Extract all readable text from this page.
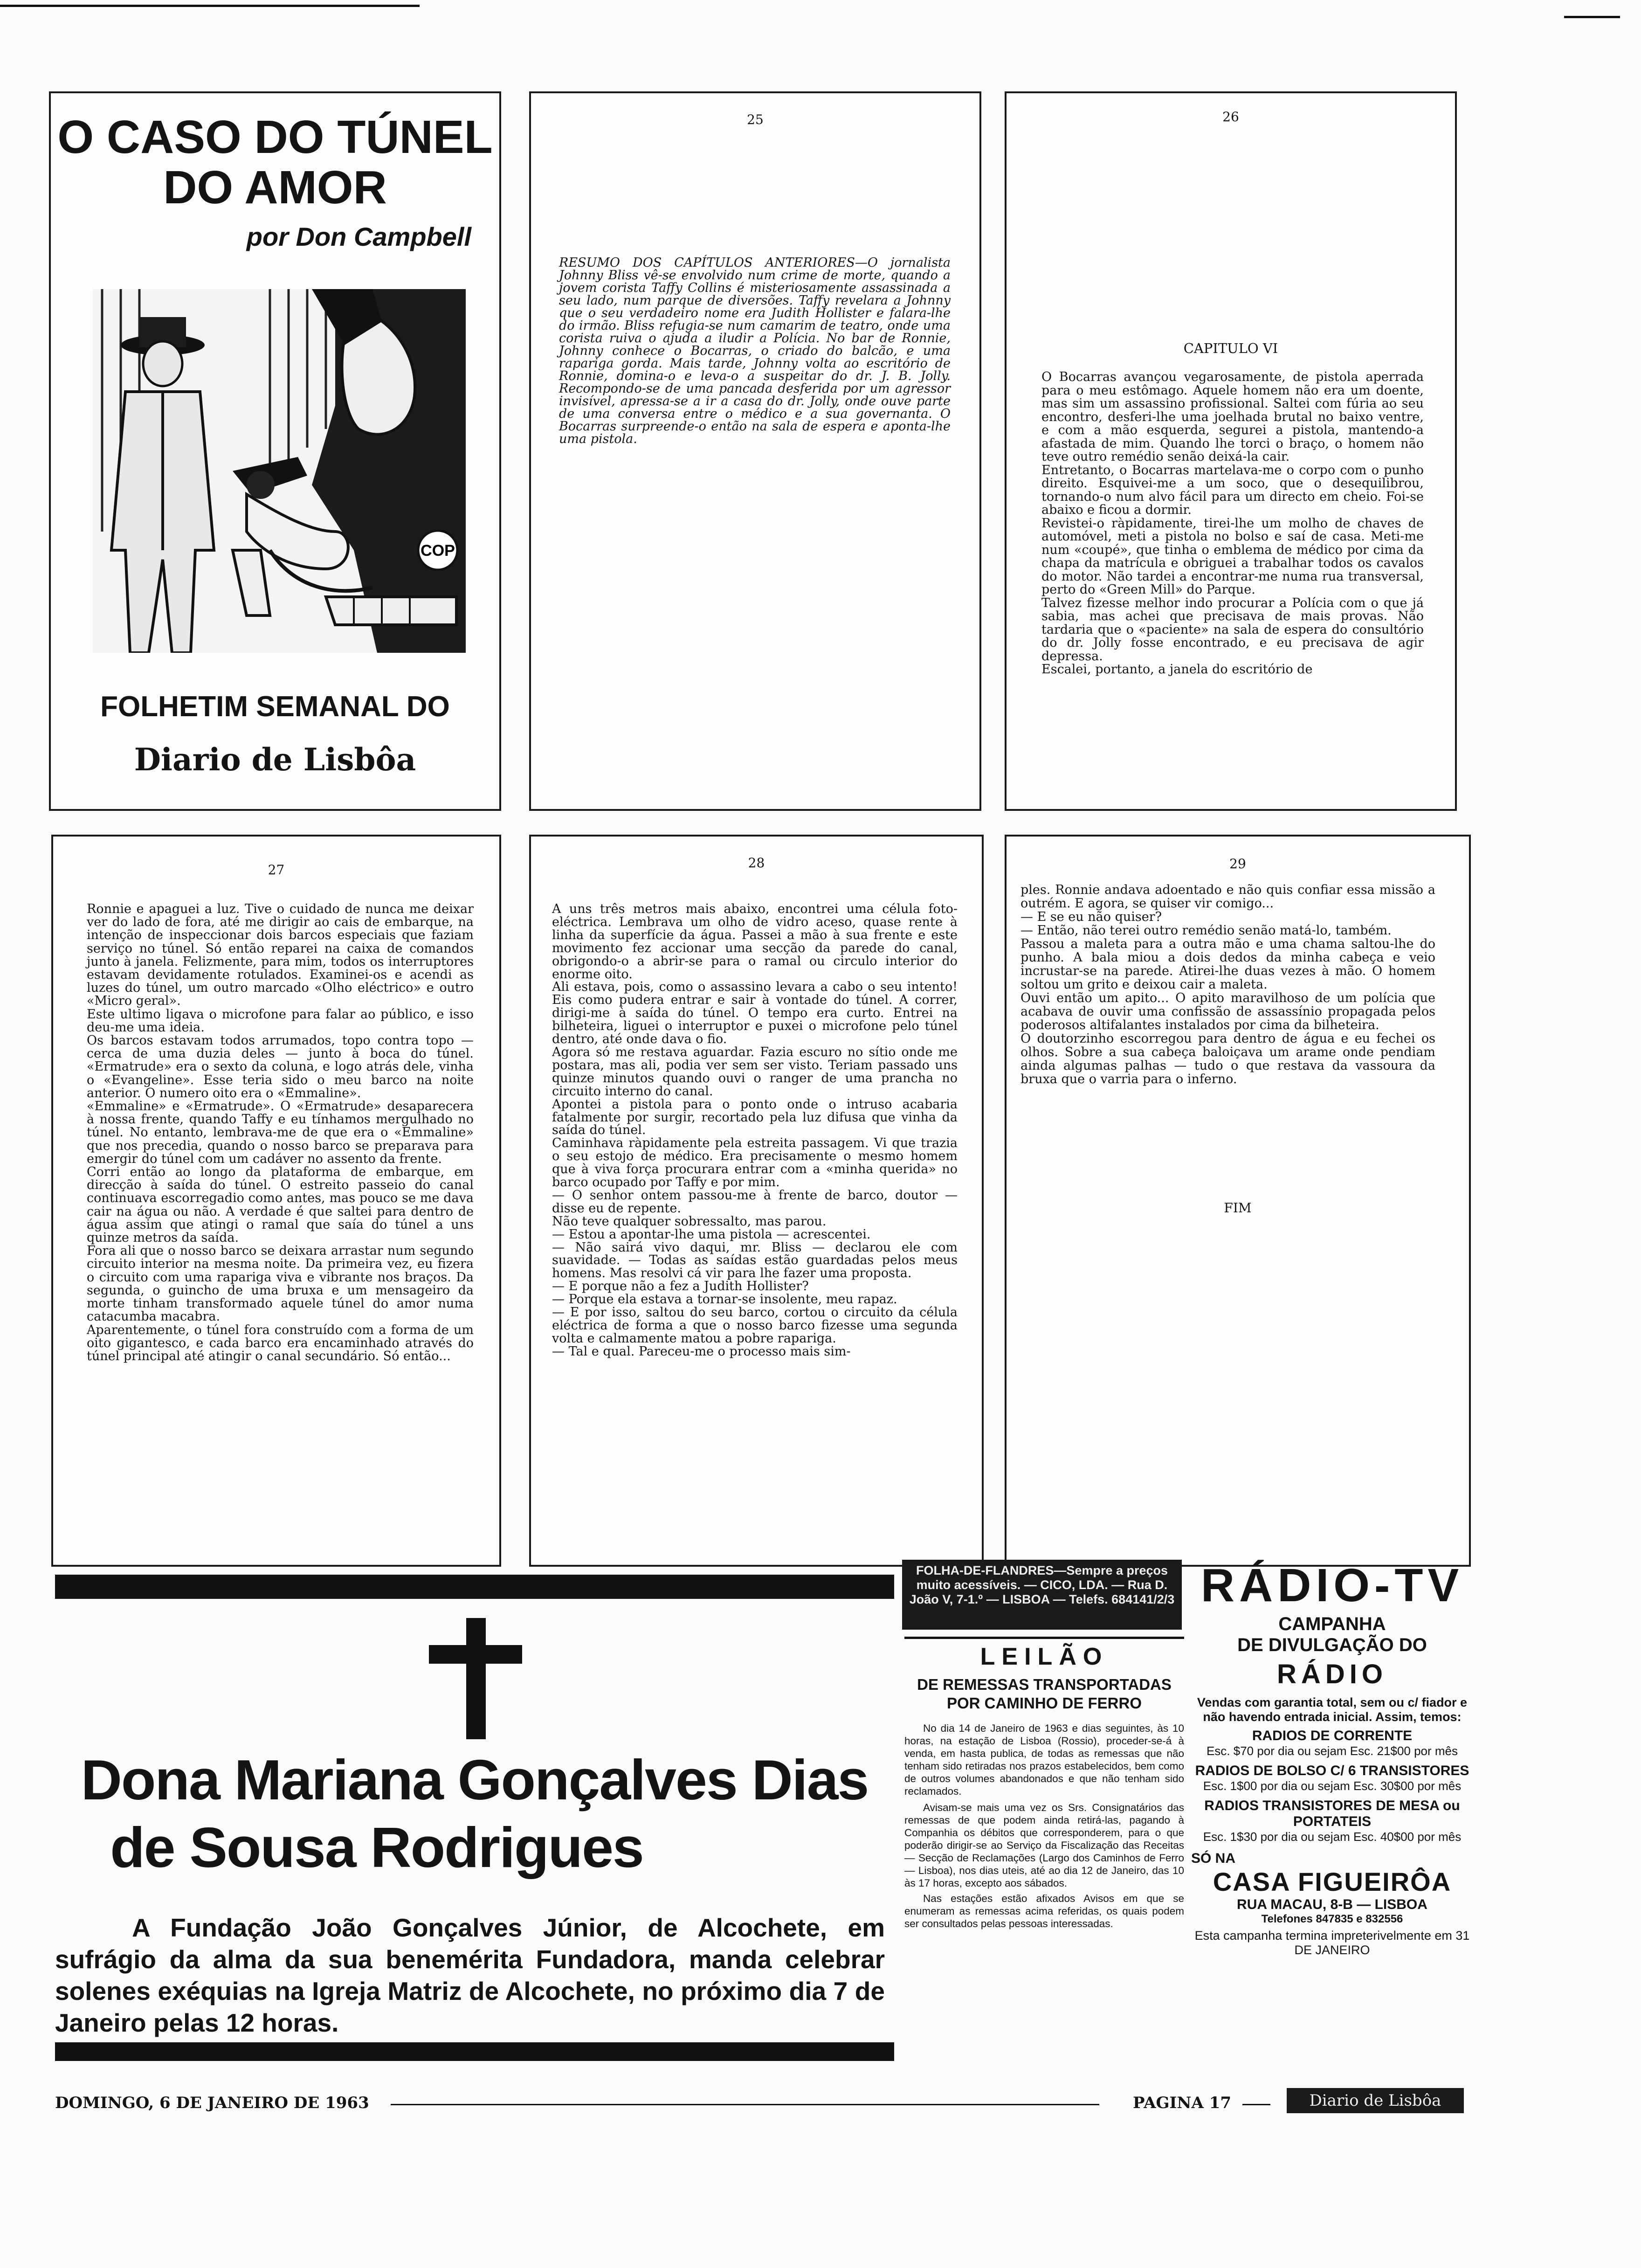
O CASO DO TÚNEL
DO AMOR
por Don Campbell
COP
FOLHETIM SEMANAL DO
Diario de Lisbôa
25
RESUMO DOS CAPÍTULOS ANTERIORES—O jornalista Johnny Bliss vê-se envolvido num crime de morte, quando a jovem corista Taffy Collins é misteriosamente assassinada a seu lado, num parque de diversões. Taffy revelara a Johnny que o seu verdadeiro nome era Judith Hollister e falara-lhe do irmão. Bliss refugia-se num camarim de teatro, onde uma corista ruiva o ajuda a iludir a Polícia. No bar de Ronnie, Johnny conhece o Bocarras, o criado do balcão, e uma rapariga gorda. Mais tarde, Johnny volta ao escritório de Ronnie, domina-o e leva-o a suspeitar do dr. J. B. Jolly. Recompondo-se de uma pancada desferida por um agressor invisível, apressa-se a ir a casa do dr. Jolly, onde ouve parte de uma conversa entre o médico e a sua governanta. O Bocarras surpreende-o então na sala de espera e aponta-lhe uma pistola.
26
CAPITULO VI
O Bocarras avançou vegarosamente, de pistola aperrada para o meu estômago. Aquele homem não era um doente, mas sim um assassino profissional. Saltei com fúria ao seu encontro, desferi-lhe uma joelhada brutal no baixo ventre, e com a mão esquerda, segurei a pistola, mantendo-a afastada de mim. Quando lhe torci o braço, o homem não teve outro remédio senão deixá-la cair.
Entretanto, o Bocarras martelava-me o corpo com o punho direito. Esquivei-me a um soco, que o desequilibrou, tornando-o num alvo fácil para um directo em cheio. Foi-se abaixo e ficou a dormir.
Revistei-o ràpidamente, tirei-lhe um molho de chaves de automóvel, meti a pistola no bolso e saí de casa. Meti-me num «coupé», que tinha o emblema de médico por cima da chapa da matrícula e obriguei a trabalhar todos os cavalos do motor. Não tardei a encontrar-me numa rua transversal, perto do «Green Mill» do Parque.
Talvez fizesse melhor indo procurar a Polícia com o que já sabia, mas achei que precisava de mais provas. Não tardaria que o «paciente» na sala de espera do consultório do dr. Jolly fosse encontrado, e eu precisava de agir depressa.
Escalei, portanto, a janela do escritório de
27
Ronnie e apaguei a luz. Tive o cuidado de nunca me deixar ver do lado de fora, até me dirigir ao cais de embarque, na intenção de inspeccionar dois barcos especiais que faziam serviço no túnel. Só então reparei na caixa de comandos junto à janela. Felizmente, para mim, todos os interruptores estavam devidamente rotulados. Examinei-os e acendi as luzes do túnel, um outro marcado «Olho eléctrico» e outro «Micro geral».
Este ultimo ligava o microfone para falar ao público, e isso deu-me uma ideia.
Os barcos estavam todos arrumados, topo contra topo — cerca de uma duzia deles — junto à boca do túnel. «Ermatrude» era o sexto da coluna, e logo atrás dele, vinha o «Evangeline». Esse teria sido o meu barco na noite anterior. O numero oito era o «Emmaline».
«Emmaline» e «Ermatrude». O «Ermatrude» desaparecera à nossa frente, quando Taffy e eu tínhamos mergulhado no túnel. No entanto, lembrava-me de que era o «Emmaline» que nos precedia, quando o nosso barco se preparava para emergir do túnel com um cadáver no assento da frente.
Corri então ao longo da plataforma de embarque, em direcção à saída do túnel. O estreito passeio do canal continuava escorregadio como antes, mas pouco se me dava cair na água ou não. A verdade é que saltei para dentro de água assim que atingi o ramal que saía do túnel a uns quinze metros da saída.
Fora ali que o nosso barco se deixara arrastar num segundo circuito interior na mesma noite. Da primeira vez, eu fizera o circuito com uma rapariga viva e vibrante nos braços. Da segunda, o guincho de uma bruxa e um mensageiro da morte tinham transformado aquele túnel do amor numa catacumba macabra.
Aparentemente, o túnel fora construído com a forma de um oito gigantesco, e cada barco era encaminhado através do túnel principal até atingir o canal secundário. Só então...
28
A uns três metros mais abaixo, encontrei uma célula foto-eléctrica. Lembrava um olho de vidro aceso, quase rente à linha da superfície da água. Passei a mão à sua frente e este movimento fez accionar uma secção da parede do canal, obrigondo-o a abrir-se para o ramal ou circulo interior do enorme oito.
Ali estava, pois, como o assassino levara a cabo o seu intento! Eis como pudera entrar e sair à vontade do túnel. A correr, dirigi-me à saída do túnel. O tempo era curto. Entrei na bilheteira, liguei o interruptor e puxei o microfone pelo túnel dentro, até onde dava o fio.
Agora só me restava aguardar. Fazia escuro no sítio onde me postara, mas ali, podia ver sem ser visto. Teriam passado uns quinze minutos quando ouvi o ranger de uma prancha no circuito interno do canal.
Apontei a pistola para o ponto onde o intruso acabaria fatalmente por surgir, recortado pela luz difusa que vinha da saída do túnel.
Caminhava ràpidamente pela estreita passagem. Vi que trazia o seu estojo de médico. Era precisamente o mesmo homem que à viva força procurara entrar com a «minha querida» no barco ocupado por Taffy e por mim.
— O senhor ontem passou-me à frente de barco, doutor — disse eu de repente.
Não teve qualquer sobressalto, mas parou.
— Estou a apontar-lhe uma pistola — acrescentei.
— Não sairá vivo daqui, mr. Bliss — declarou ele com suavidade. — Todas as saídas estão guardadas pelos meus homens. Mas resolvi cá vir para lhe fazer uma proposta.
— E porque não a fez a Judith Hollister?
— Porque ela estava a tornar-se insolente, meu rapaz.
— E por isso, saltou do seu barco, cortou o circuito da célula eléctrica de forma a que o nosso barco fizesse uma segunda volta e calmamente matou a pobre rapariga.
— Tal e qual. Pareceu-me o processo mais sim-
29
ples. Ronnie andava adoentado e não quis confiar essa missão a outrém. E agora, se quiser vir comigo...
— E se eu não quiser?
— Então, não terei outro remédio senão matá-lo, também.
Passou a maleta para a outra mão e uma chama saltou-lhe do punho. A bala miou a dois dedos da minha cabeça e veio incrustar-se na parede. Atirei-lhe duas vezes à mão. O homem soltou um grito e deixou cair a maleta.
Ouvi então um apito... O apito maravilhoso de um polícia que acabava de ouvir uma confissão de assassínio propagada pelos poderosos altifalantes instalados por cima da bilheteira.
O doutorzinho escorregou para dentro de água e eu fechei os olhos. Sobre a sua cabeça baloiçava um arame onde pendiam ainda algumas palhas — tudo o que restava da vassoura da bruxa que o varria para o inferno.
FIM
Dona Mariana Gonçalves Dias
de Sousa Rodrigues
A Fundação João Gonçalves Júnior, de Alcochete, em sufrágio da alma da sua benemérita Fundadora, manda celebrar solenes exéquias na Igreja Matriz de Alcochete, no próximo dia 7 de Janeiro pelas 12 horas.
FOLHA-DE-FLANDRES—Sempre a preços muito acessíveis. — CICO, LDA. — Rua D. João V, 7-1.º — LISBOA — Telefs. 684141/2/3
LEILÃO
DE REMESSAS TRANSPORTADAS POR CAMINHO DE FERRO
No dia 14 de Janeiro de 1963 e dias seguintes, às 10 horas, na estação de Lisboa (Rossio), proceder-se-á à venda, em hasta publica, de todas as remessas que não tenham sido retiradas nos prazos estabelecidos, bem como de outros volumes abandonados e que não tenham sido reclamados.
Avisam-se mais uma vez os Srs. Consignatários das remessas de que podem ainda retirá-las, pagando à Companhia os débitos que corresponderem, para o que poderão dirigir-se ao Serviço da Fiscalização das Receitas — Secção de Reclamações (Largo dos Caminhos de Ferro — Lisboa), nos dias uteis, até ao dia 12 de Janeiro, das 10 às 17 horas, excepto aos sábados.
Nas estações estão afixados Avisos em que se enumeram as remessas acima referidas, os quais podem ser consultados pelas pessoas interessadas.
RÁDIO-TV
CAMPANHA
DE DIVULGAÇÃO DO
RÁDIO
Vendas com garantia total, sem ou c/ fiador e não havendo entrada inicial. Assim, temos:
RADIOS DE CORRENTE
Esc. $70 por dia ou sejam Esc. 21$00 por mês
RADIOS DE BOLSO C/ 6 TRANSISTORES
Esc. 1$00 por dia ou sejam Esc. 30$00 por mês
RADIOS TRANSISTORES DE MESA ou PORTATEIS
Esc. 1$30 por dia ou sejam Esc. 40$00 por mês
SÓ NA
CASA FIGUEIRÔA
RUA MACAU, 8-B — LISBOA
Telefones 847835 e 832556
Esta campanha termina impreterivelmente em 31 DE JANEIRO
DOMINGO, 6 DE JANEIRO DE 1963	PAGINA 17	Diario de Lisbôa
